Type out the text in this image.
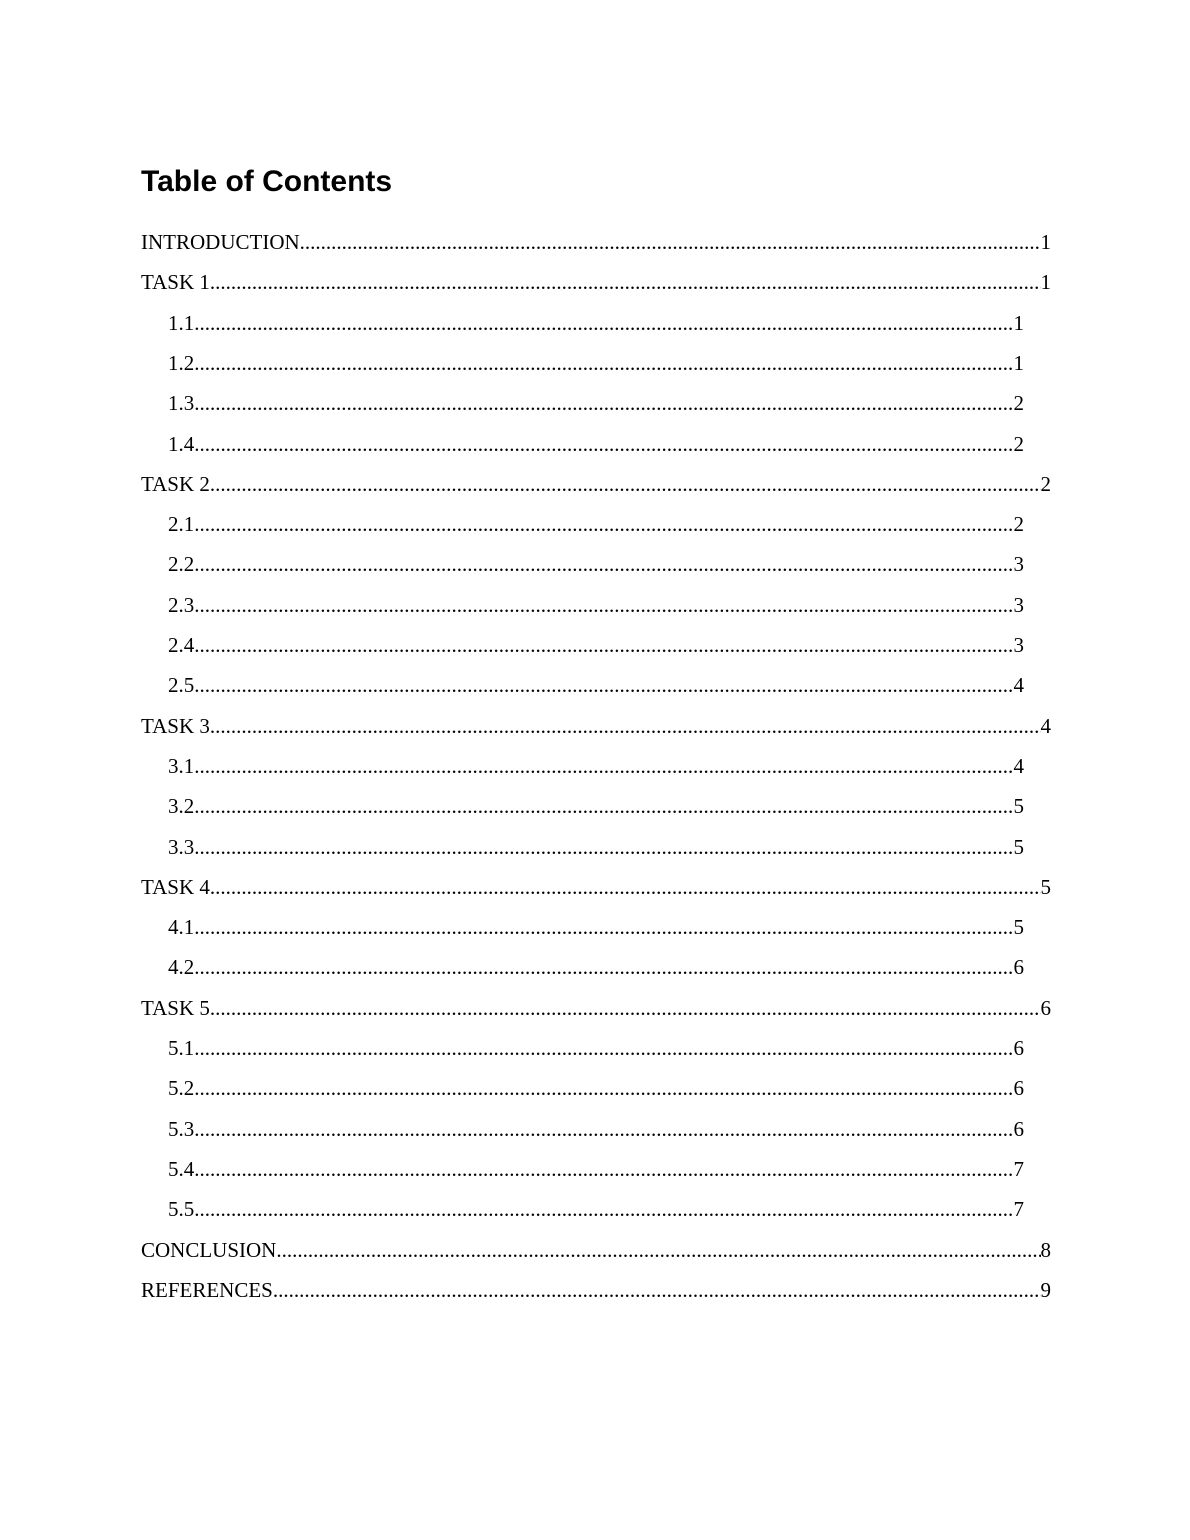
Table of Contents
INTRODUCTION .....	1
TASK 1 .....	1
1.1 .....	1
1.2 .....	1
1.3 .....	2
1.4 .....	2
TASK 2 .....	2
2.1 .....	2
2.2 .....	3
2.3 .....	3
2.4 .....	3
2.5 .....	4
TASK 3 .....	4
3.1 .....	4
3.2 .....	5
3.3 .....	5
TASK 4 .....	5
4.1 .....	5
4.2 .....	6
TASK 5 .....	6
5.1 .....	6
5.2 .....	6
5.3 .....	6
5.4 .....	7
5.5 .....	7
CONCLUSION .....	8
REFERENCES .....	9
